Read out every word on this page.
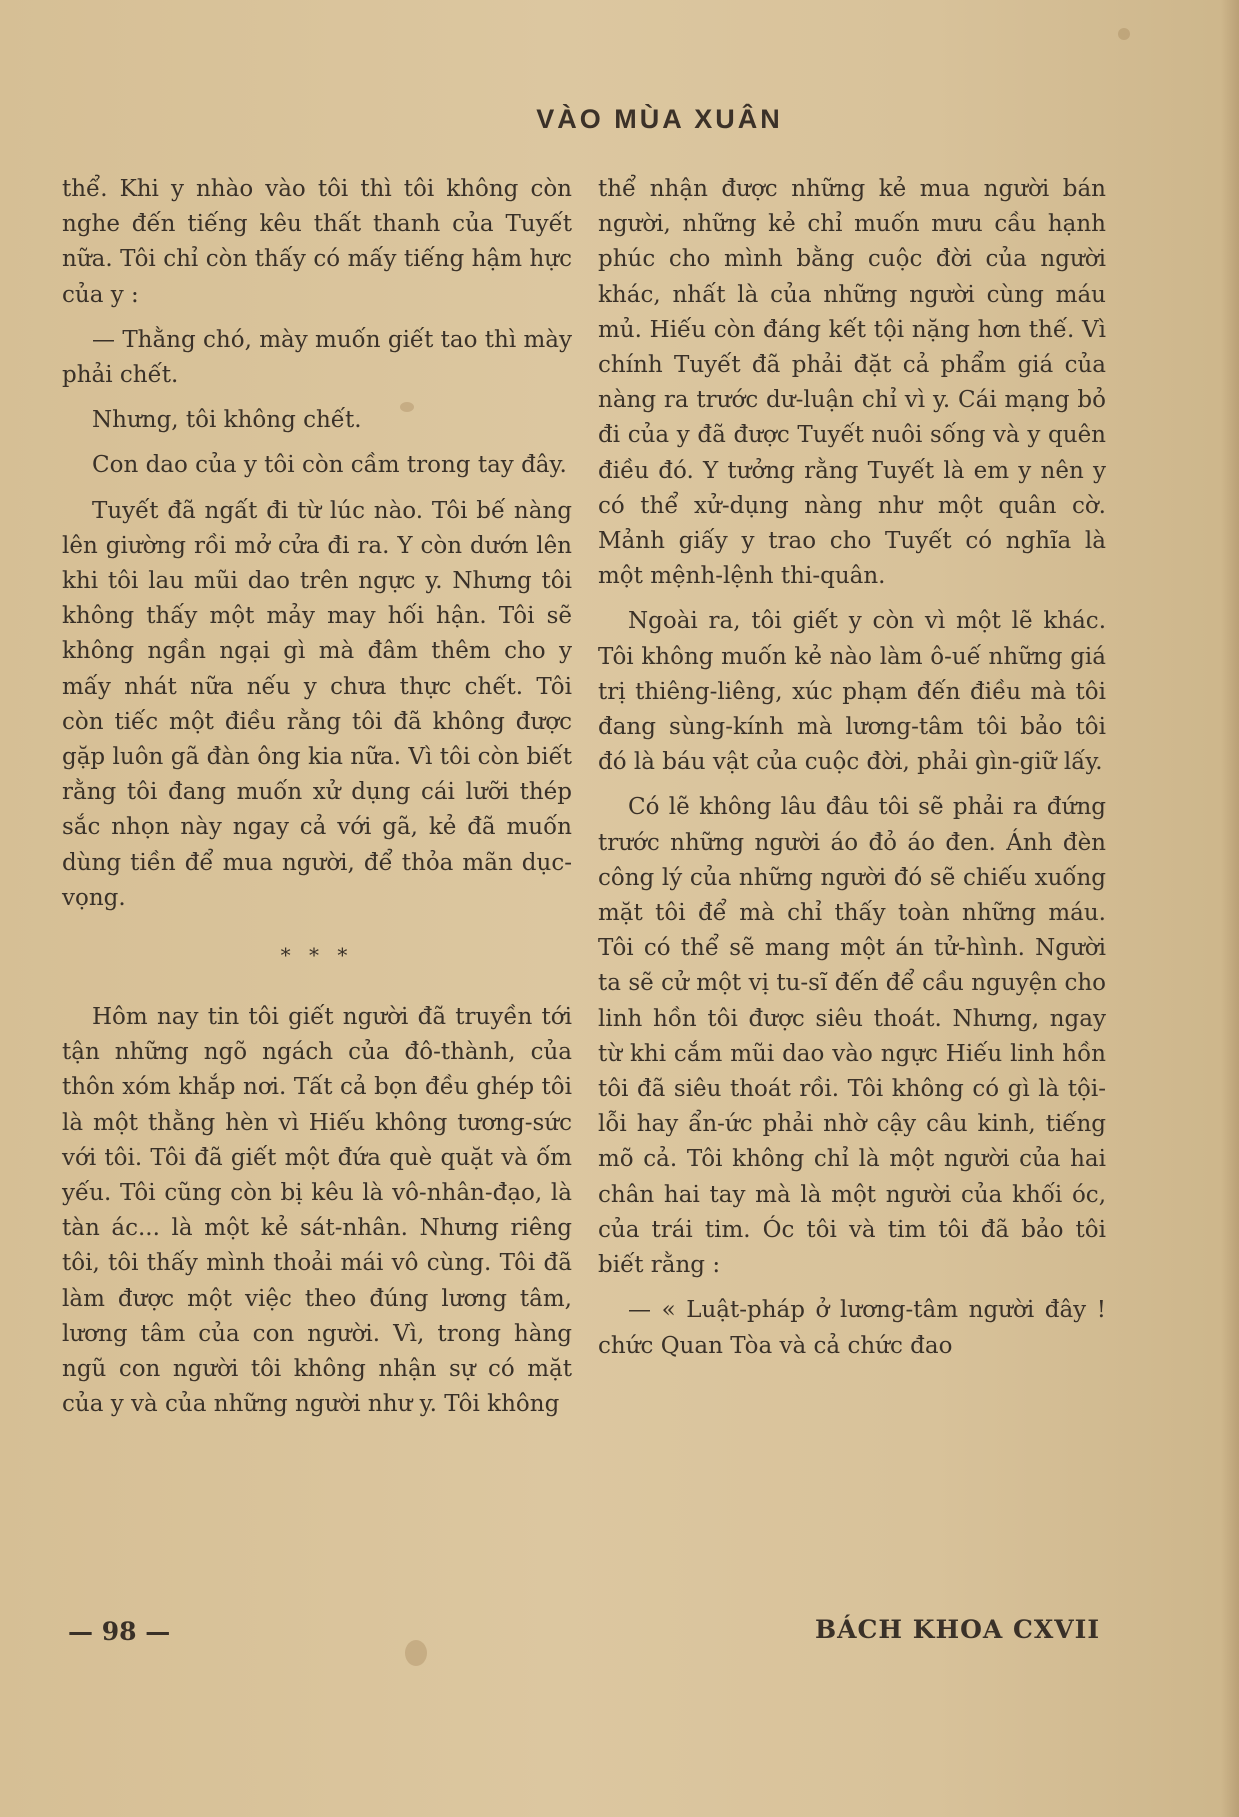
VÀO MÙA XUÂN

thể. Khi y nhào vào tôi thì tôi không còn nghe đến tiếng kêu thất thanh của Tuyết nữa. Tôi chỉ còn thấy có mấy tiếng hậm hực của y :

— Thằng chó, mày muốn giết tao thì mày phải chết.

Nhưng, tôi không chết.

Con dao của y tôi còn cầm trong tay đây.

Tuyết đã ngất đi từ lúc nào. Tôi bế nàng lên giường rồi mở cửa đi ra. Y còn dướn lên khi tôi lau mũi dao trên ngực y. Nhưng tôi không thấy một mảy may hối hận. Tôi sẽ không ngần ngại gì mà đâm thêm cho y mấy nhát nữa nếu y chưa thực chết. Tôi còn tiếc một điều rằng tôi đã không được gặp luôn gã đàn ông kia nữa. Vì tôi còn biết rằng tôi đang muốn xử dụng cái lưỡi thép sắc nhọn này ngay cả với gã, kẻ đã muốn dùng tiền để mua người, để thỏa mãn dục-vọng.

* * *

Hôm nay tin tôi giết người đã truyền tới tận những ngõ ngách của đô-thành, của thôn xóm khắp nơi. Tất cả bọn đều ghép tôi là một thằng hèn vì Hiếu không tương-sức với tôi. Tôi đã giết một đứa què quặt và ốm yếu. Tôi cũng còn bị kêu là vô-nhân-đạo, là tàn ác... là một kẻ sát-nhân. Nhưng riêng tôi, tôi thấy mình thoải mái vô cùng. Tôi đã làm được một việc theo đúng lương tâm, lương tâm của con người. Vì, trong hàng ngũ con người tôi không nhận sự có mặt của y và của những người như y. Tôi không

thể nhận được những kẻ mua người bán người, những kẻ chỉ muốn mưu cầu hạnh phúc cho mình bằng cuộc đời của người khác, nhất là của những người cùng máu mủ. Hiếu còn đáng kết tội nặng hơn thế. Vì chính Tuyết đã phải đặt cả phẩm giá của nàng ra trước dư-luận chỉ vì y. Cái mạng bỏ đi của y đã được Tuyết nuôi sống và y quên điều đó. Y tưởng rằng Tuyết là em y nên y có thể xử-dụng nàng như một quân cờ. Mảnh giấy y trao cho Tuyết có nghĩa là một mệnh-lệnh thi-quân.

Ngoài ra, tôi giết y còn vì một lẽ khác. Tôi không muốn kẻ nào làm ô-uế những giá trị thiêng-liêng, xúc phạm đến điều mà tôi đang sùng-kính mà lương-tâm tôi bảo tôi đó là báu vật của cuộc đời, phải gìn-giữ lấy.

Có lẽ không lâu đâu tôi sẽ phải ra đứng trước những người áo đỏ áo đen. Ánh đèn công lý của những người đó sẽ chiếu xuống mặt tôi để mà chỉ thấy toàn những máu. Tôi có thể sẽ mang một án tử-hình. Người ta sẽ cử một vị tu-sĩ đến để cầu nguyện cho linh hồn tôi được siêu thoát. Nhưng, ngay từ khi cắm mũi dao vào ngực Hiếu linh hồn tôi đã siêu thoát rồi. Tôi không có gì là tội-lỗi hay ẩn-ức phải nhờ cậy câu kinh, tiếng mõ cả. Tôi không chỉ là một người của hai chân hai tay mà là một người của khối óc, của trái tim. Óc tôi và tim tôi đã bảo tôi biết rằng :

— « Luật-pháp ở lương-tâm người đây ! chức Quan Tòa và cả chức đao

— 98 —	BÁCH KHOA CXVII
